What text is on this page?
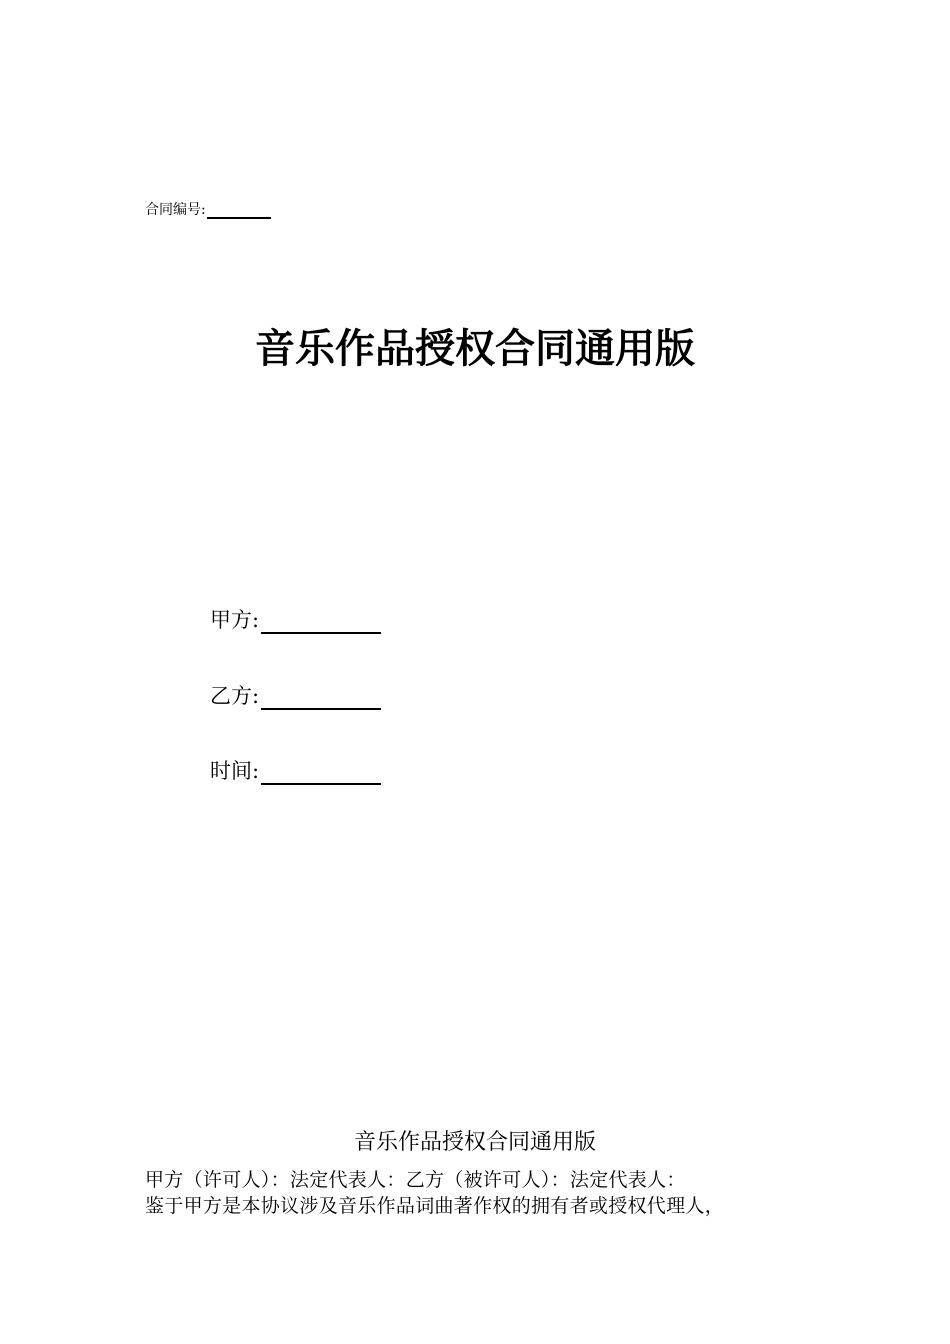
合同编号:
音乐作品授权合同通用版
甲方:
乙方:
时间:
音乐作品授权合同通用版
甲方（许可人）：法定代表人：乙方（被许可人）：法定代表人：
鉴于甲方是本协议涉及音乐作品词曲著作权的拥有者或授权代理人，
